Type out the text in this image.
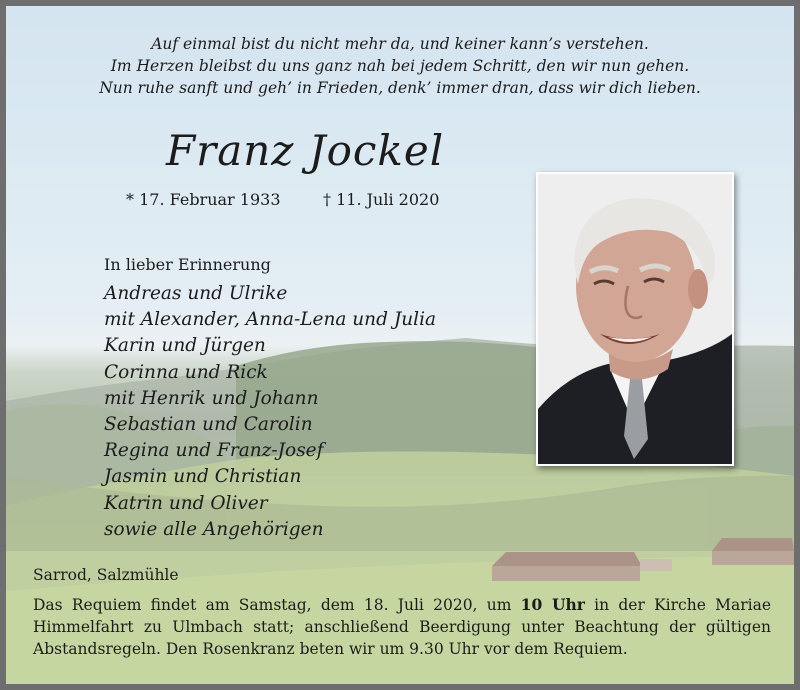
Auf einmal bist du nicht mehr da, und keiner kann’s verstehen.
Im Herzen bleibst du uns ganz nah bei jedem Schritt, den wir nun gehen.
Nun ruhe sanft und geh’ in Frieden, denk’ immer dran, dass wir dich lieben.
Franz Jockel
* 17. Februar 1933	† 11. Juli 2020
In lieber Erinnerung
Andreas und Ulrike
mit Alexander, Anna-Lena und Julia
Karin und Jürgen
Corinna und Rick
mit Henrik und Johann
Sebastian und Carolin
Regina und Franz-Josef
Jasmin und Christian
Katrin und Oliver
sowie alle Angehörigen
Sarrod, Salzmühle
Das Requiem findet am Samstag, dem 18. Juli 2020, um 10 Uhr in der Kirche Mariae
Himmelfahrt zu Ulmbach statt; anschließend Beerdigung unter Beachtung der gültigen
Abstandsregeln. Den Rosenkranz beten wir um 9.30 Uhr vor dem Requiem.
